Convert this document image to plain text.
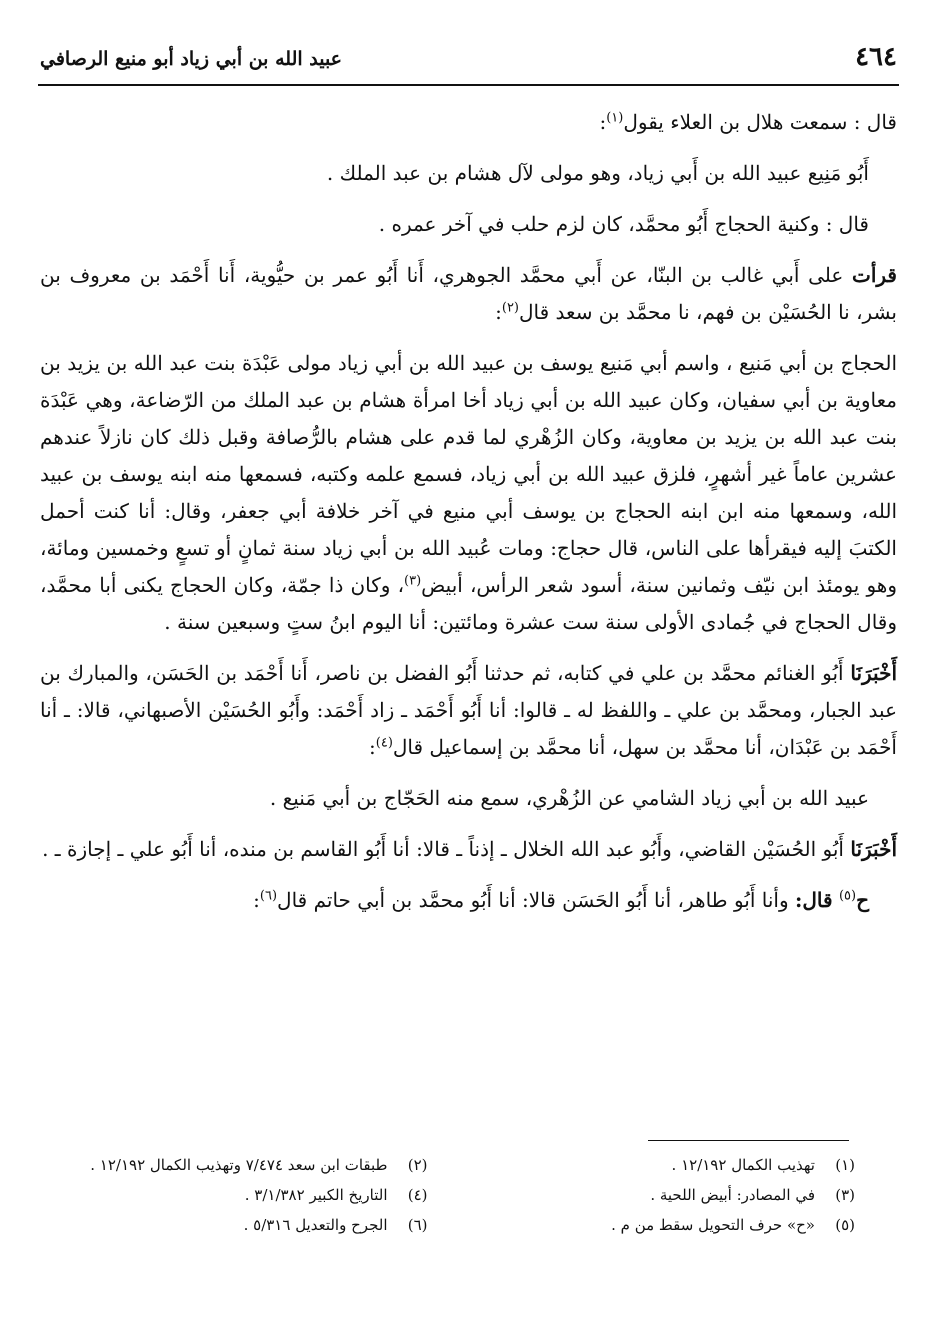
٤٦٤
عبيد الله بن أبي زياد أبو منيع الرصافي

قال : سمعت هلال بن العلاء يقول$^{(١)}$:

أَبُو مَنِيع عبيد الله بن أَبي زياد، وهو مولى لآل هشام بن عبد الملك .

قال : وكنية الحجاج أَبُو محمَّد، كان لزم حلب في آخر عمره .

قرأت على أَبي غالب بن البنّا، عن أَبي محمَّد الجوهري، أَنا أَبُو عمر بن حيُّوية، أَنا أَحْمَد بن معروف بن بشر، نا الحُسَيْن بن فهم، نا محمَّد بن سعد قال$^{(٢)}$:

الحجاج بن أبي مَنيع ، واسم أبي مَنيع يوسف بن عبيد الله بن أبي زياد مولى عَبْدَة بنت عبد الله بن يزيد بن معاوية بن أبي سفيان، وكان عبيد الله بن أبي زياد أخا امرأة هشام بن عبد الملك من الرّضاعة، وهي عَبْدَة بنت عبد الله بن يزيد بن معاوية، وكان الزُهْري لما قدم على هشام بالرُّصافة وقبل ذلك كان نازلاً عندهم عشرين عاماً غير أشهرٍ، فلزق عبيد الله بن أبي زياد، فسمع علمه وكتبه، فسمعها منه ابنه يوسف بن عبيد الله، وسمعها منه ابن ابنه الحجاج بن يوسف أبي منيع في آخر خلافة أبي جعفر، وقال: أنا كنت أحمل الكتبَ إليه فيقرأها على الناس، قال حجاج: ومات عُبيد الله بن أبي زياد سنة ثمانٍ أو تسعٍ وخمسين ومائة، وهو يومئذ ابن نيّف وثمانين سنة، أسود شعر الرأس، أبيض$^{(٣)}$، وكان ذا جمّة، وكان الحجاج يكنى أبا محمَّد، وقال الحجاج في جُمادى الأولى سنة ست عشرة ومائتين: أنا اليوم ابنُ ستٍ وسبعين سنة .

أَخْبَرَنَا أَبُو الغنائم محمَّد بن علي في كتابه، ثم حدثنا أَبُو الفضل بن ناصر، أَنا أَحْمَد بن الحَسَن، والمبارك بن عبد الجبار، ومحمَّد بن علي ـ واللفظ له ـ قالوا: أنا أَبُو أَحْمَد ـ زاد أَحْمَد: وأَبُو الحُسَيْن الأصبهاني، قالا: ـ أنا أَحْمَد بن عَبْدَان، أنا محمَّد بن سهل، أنا محمَّد بن إسماعيل قال$^{(٤)}$:

عبيد الله بن أبي زياد الشامي عن الزُهْري، سمع منه الحَجّاج بن أبي مَنيع .

أَخْبَرَنَا أَبُو الحُسَيْن القاضي، وأَبُو عبد الله الخلال ـ إذناً ـ قالا: أنا أَبُو القاسم بن منده، أنا أَبُو علي ـ إجازة ـ .

ح$^{(٥)}$ قال: وأنا أَبُو طاهر، أنا أَبُو الحَسَن قالا: أنا أَبُو محمَّد بن أبي حاتم قال$^{(٦)}$:

(١)تهذيب الكمال ١٢/١٩٢ .
(٢)طبقات ابن سعد ٧/٤٧٤ وتهذيب الكمال ١٢/١٩٢ .
(٣)في المصادر: أبيض اللحية .
(٤)التاريخ الكبير ٣/١/٣٨٢ .
(٥)«ح» حرف التحويل سقط من م .
(٦)الجرح والتعديل ٥/٣١٦ .
